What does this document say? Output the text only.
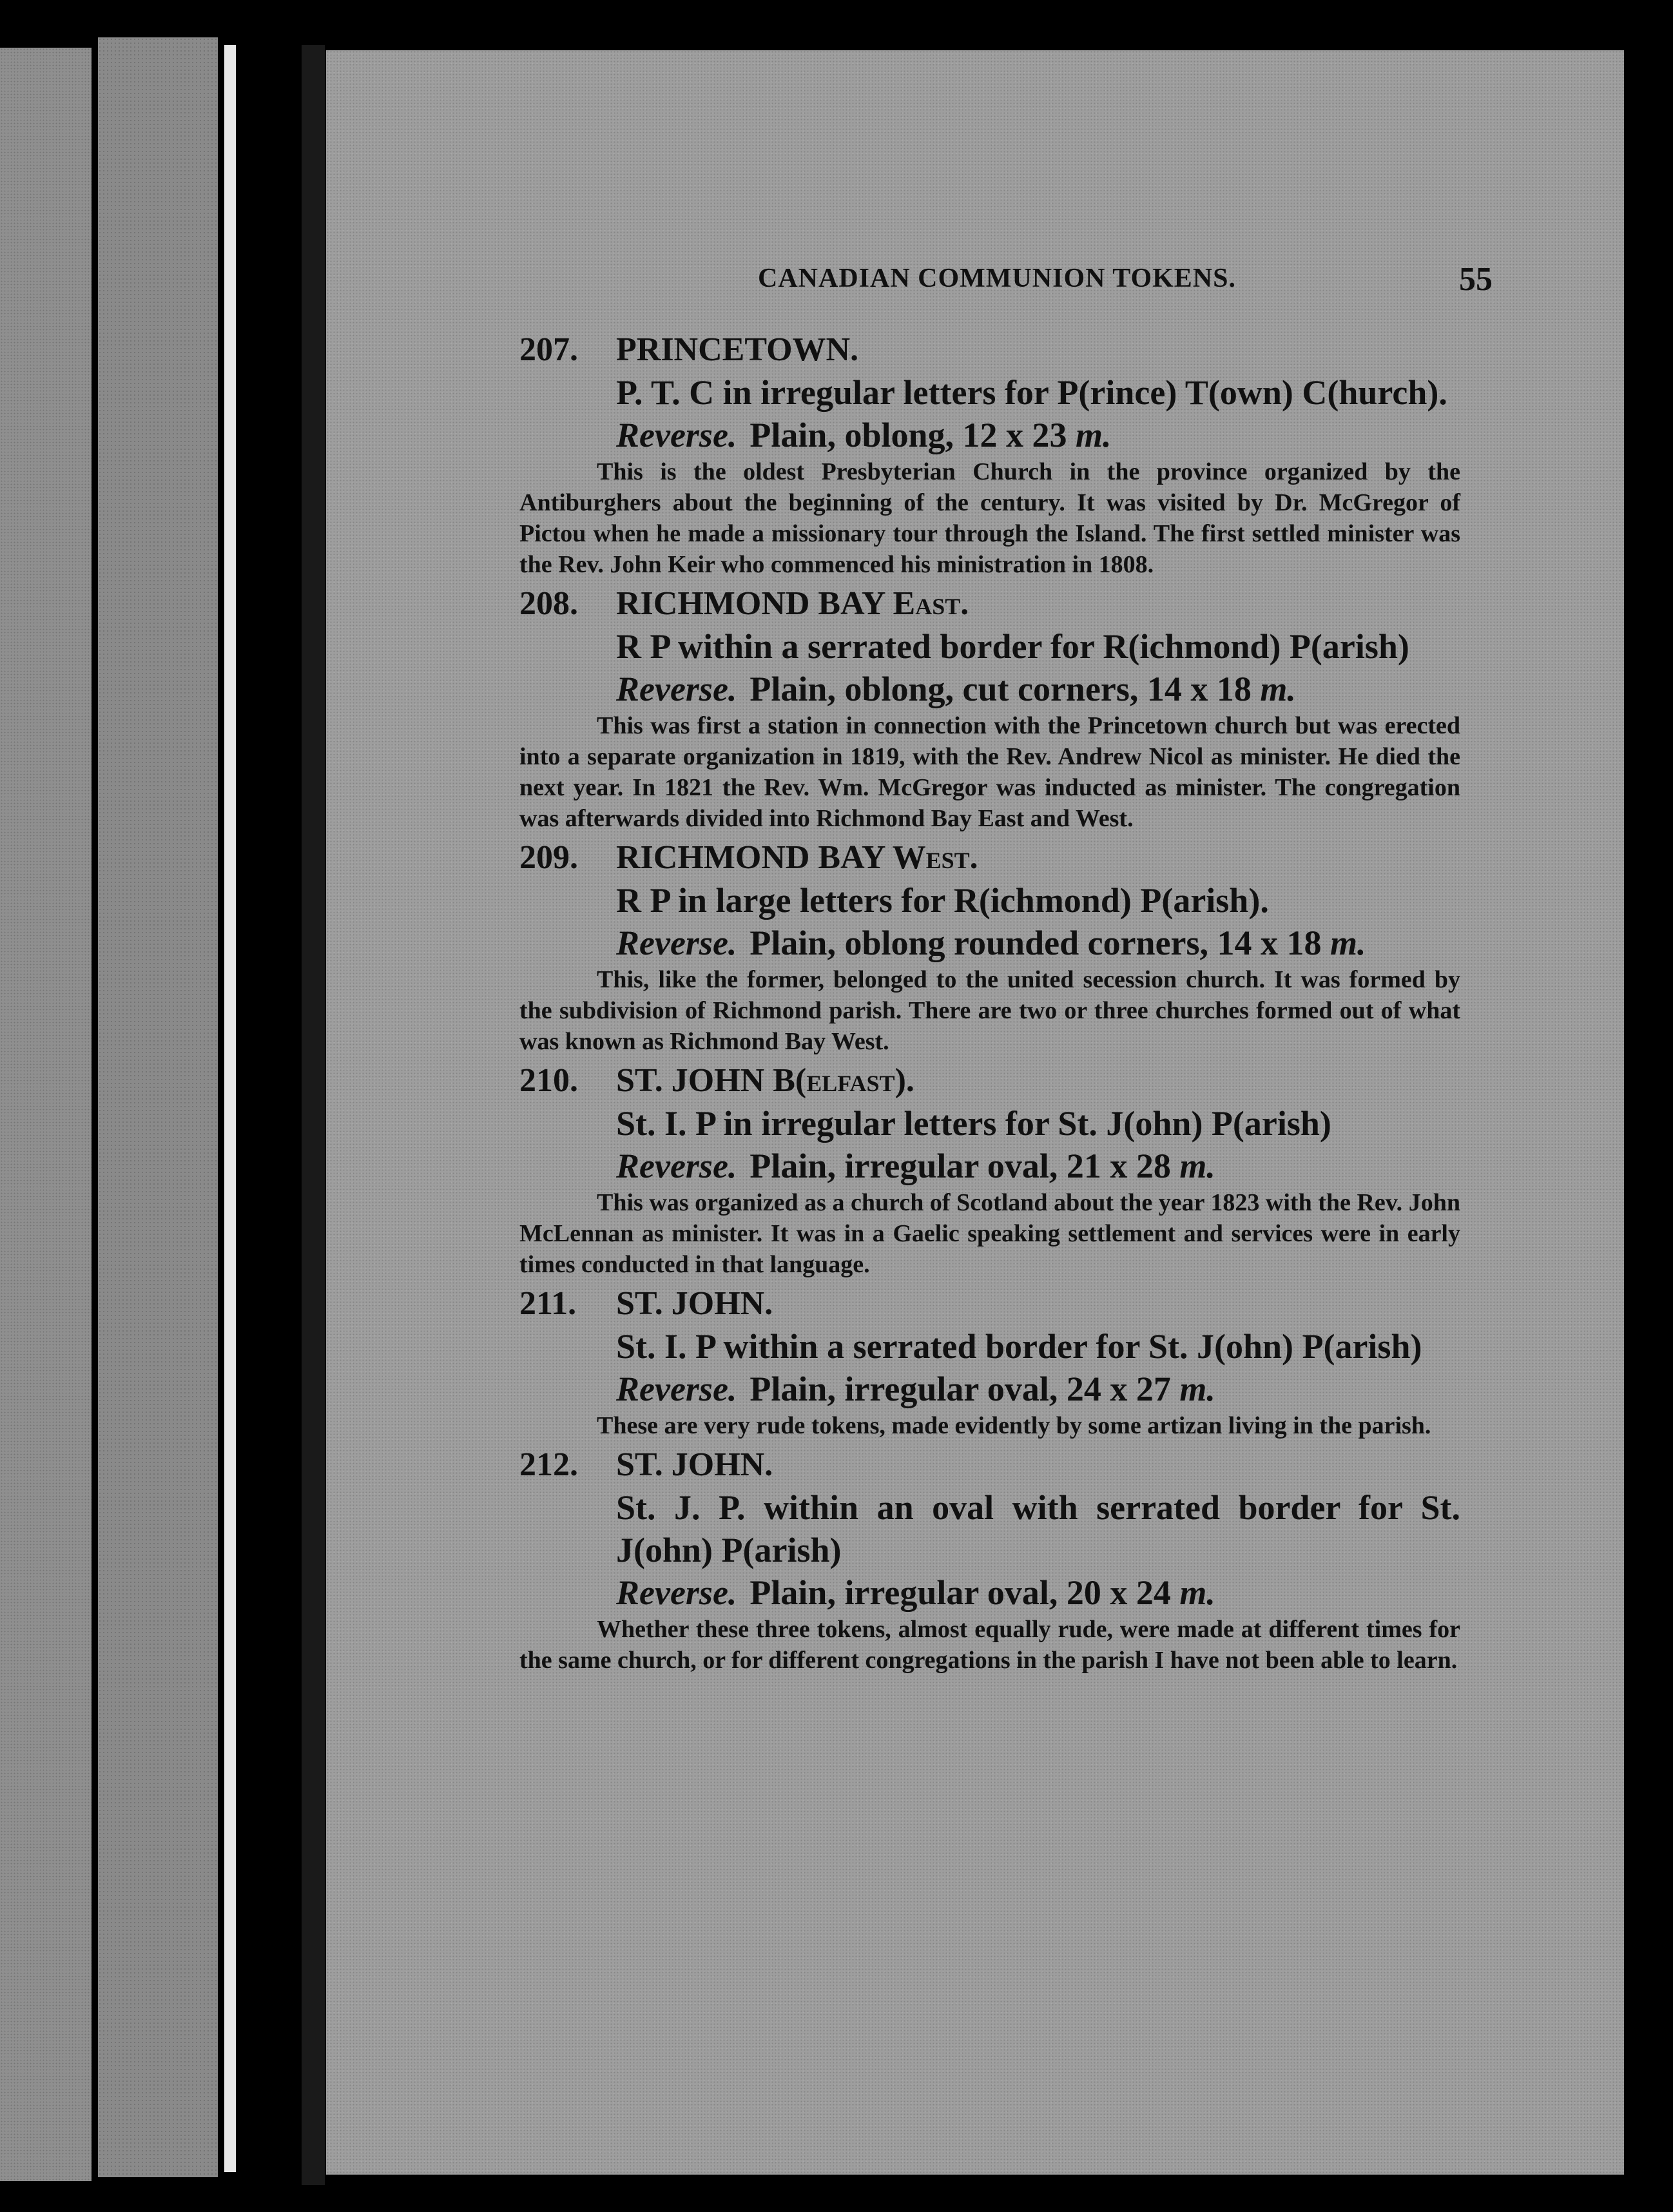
CANADIAN COMMUNION TOKENS.	55
207.	PRINCETOWN.
P. T. C in irregular letters for P(rince) T(own) C(hurch).
Reverse. Plain, oblong, 12 x 23 m.
This is the oldest Presbyterian Church in the province organized by the Antiburghers about the beginning of the century. It was visited by Dr. McGregor of Pictou when he made a missionary tour through the Island. The first settled minister was the Rev. John Keir who commenced his ministration in 1808.
208.	RICHMOND BAY East.
R P within a serrated border for R(ichmond) P(arish)
Reverse. Plain, oblong, cut corners, 14 x 18 m.
This was first a station in connection with the Princetown church but was erected into a separate organization in 1819, with the Rev. Andrew Nicol as minister. He died the next year. In 1821 the Rev. Wm. McGregor was inducted as minister. The congregation was afterwards divided into Richmond Bay East and West.
209.	RICHMOND BAY West.
R P in large letters for R(ichmond) P(arish).
Reverse. Plain, oblong rounded corners, 14 x 18 m.
This, like the former, belonged to the united secession church. It was formed by the subdivision of Richmond parish. There are two or three churches formed out of what was known as Richmond Bay West.
210.	ST. JOHN B(elfast).
St. I. P in irregular letters for St. J(ohn) P(arish)
Reverse. Plain, irregular oval, 21 x 28 m.
This was organized as a church of Scotland about the year 1823 with the Rev. John McLennan as minister. It was in a Gaelic speaking settlement and services were in early times conducted in that language.
211.	ST. JOHN.
St. I. P within a serrated border for St. J(ohn) P(arish)
Reverse. Plain, irregular oval, 24 x 27 m.
These are very rude tokens, made evidently by some artizan living in the parish.
212.	ST. JOHN.
St. J. P. within an oval with serrated border for St. J(ohn) P(arish)
Reverse. Plain, irregular oval, 20 x 24 m.
Whether these three tokens, almost equally rude, were made at different times for the same church, or for different congregations in the parish I have not been able to learn.
